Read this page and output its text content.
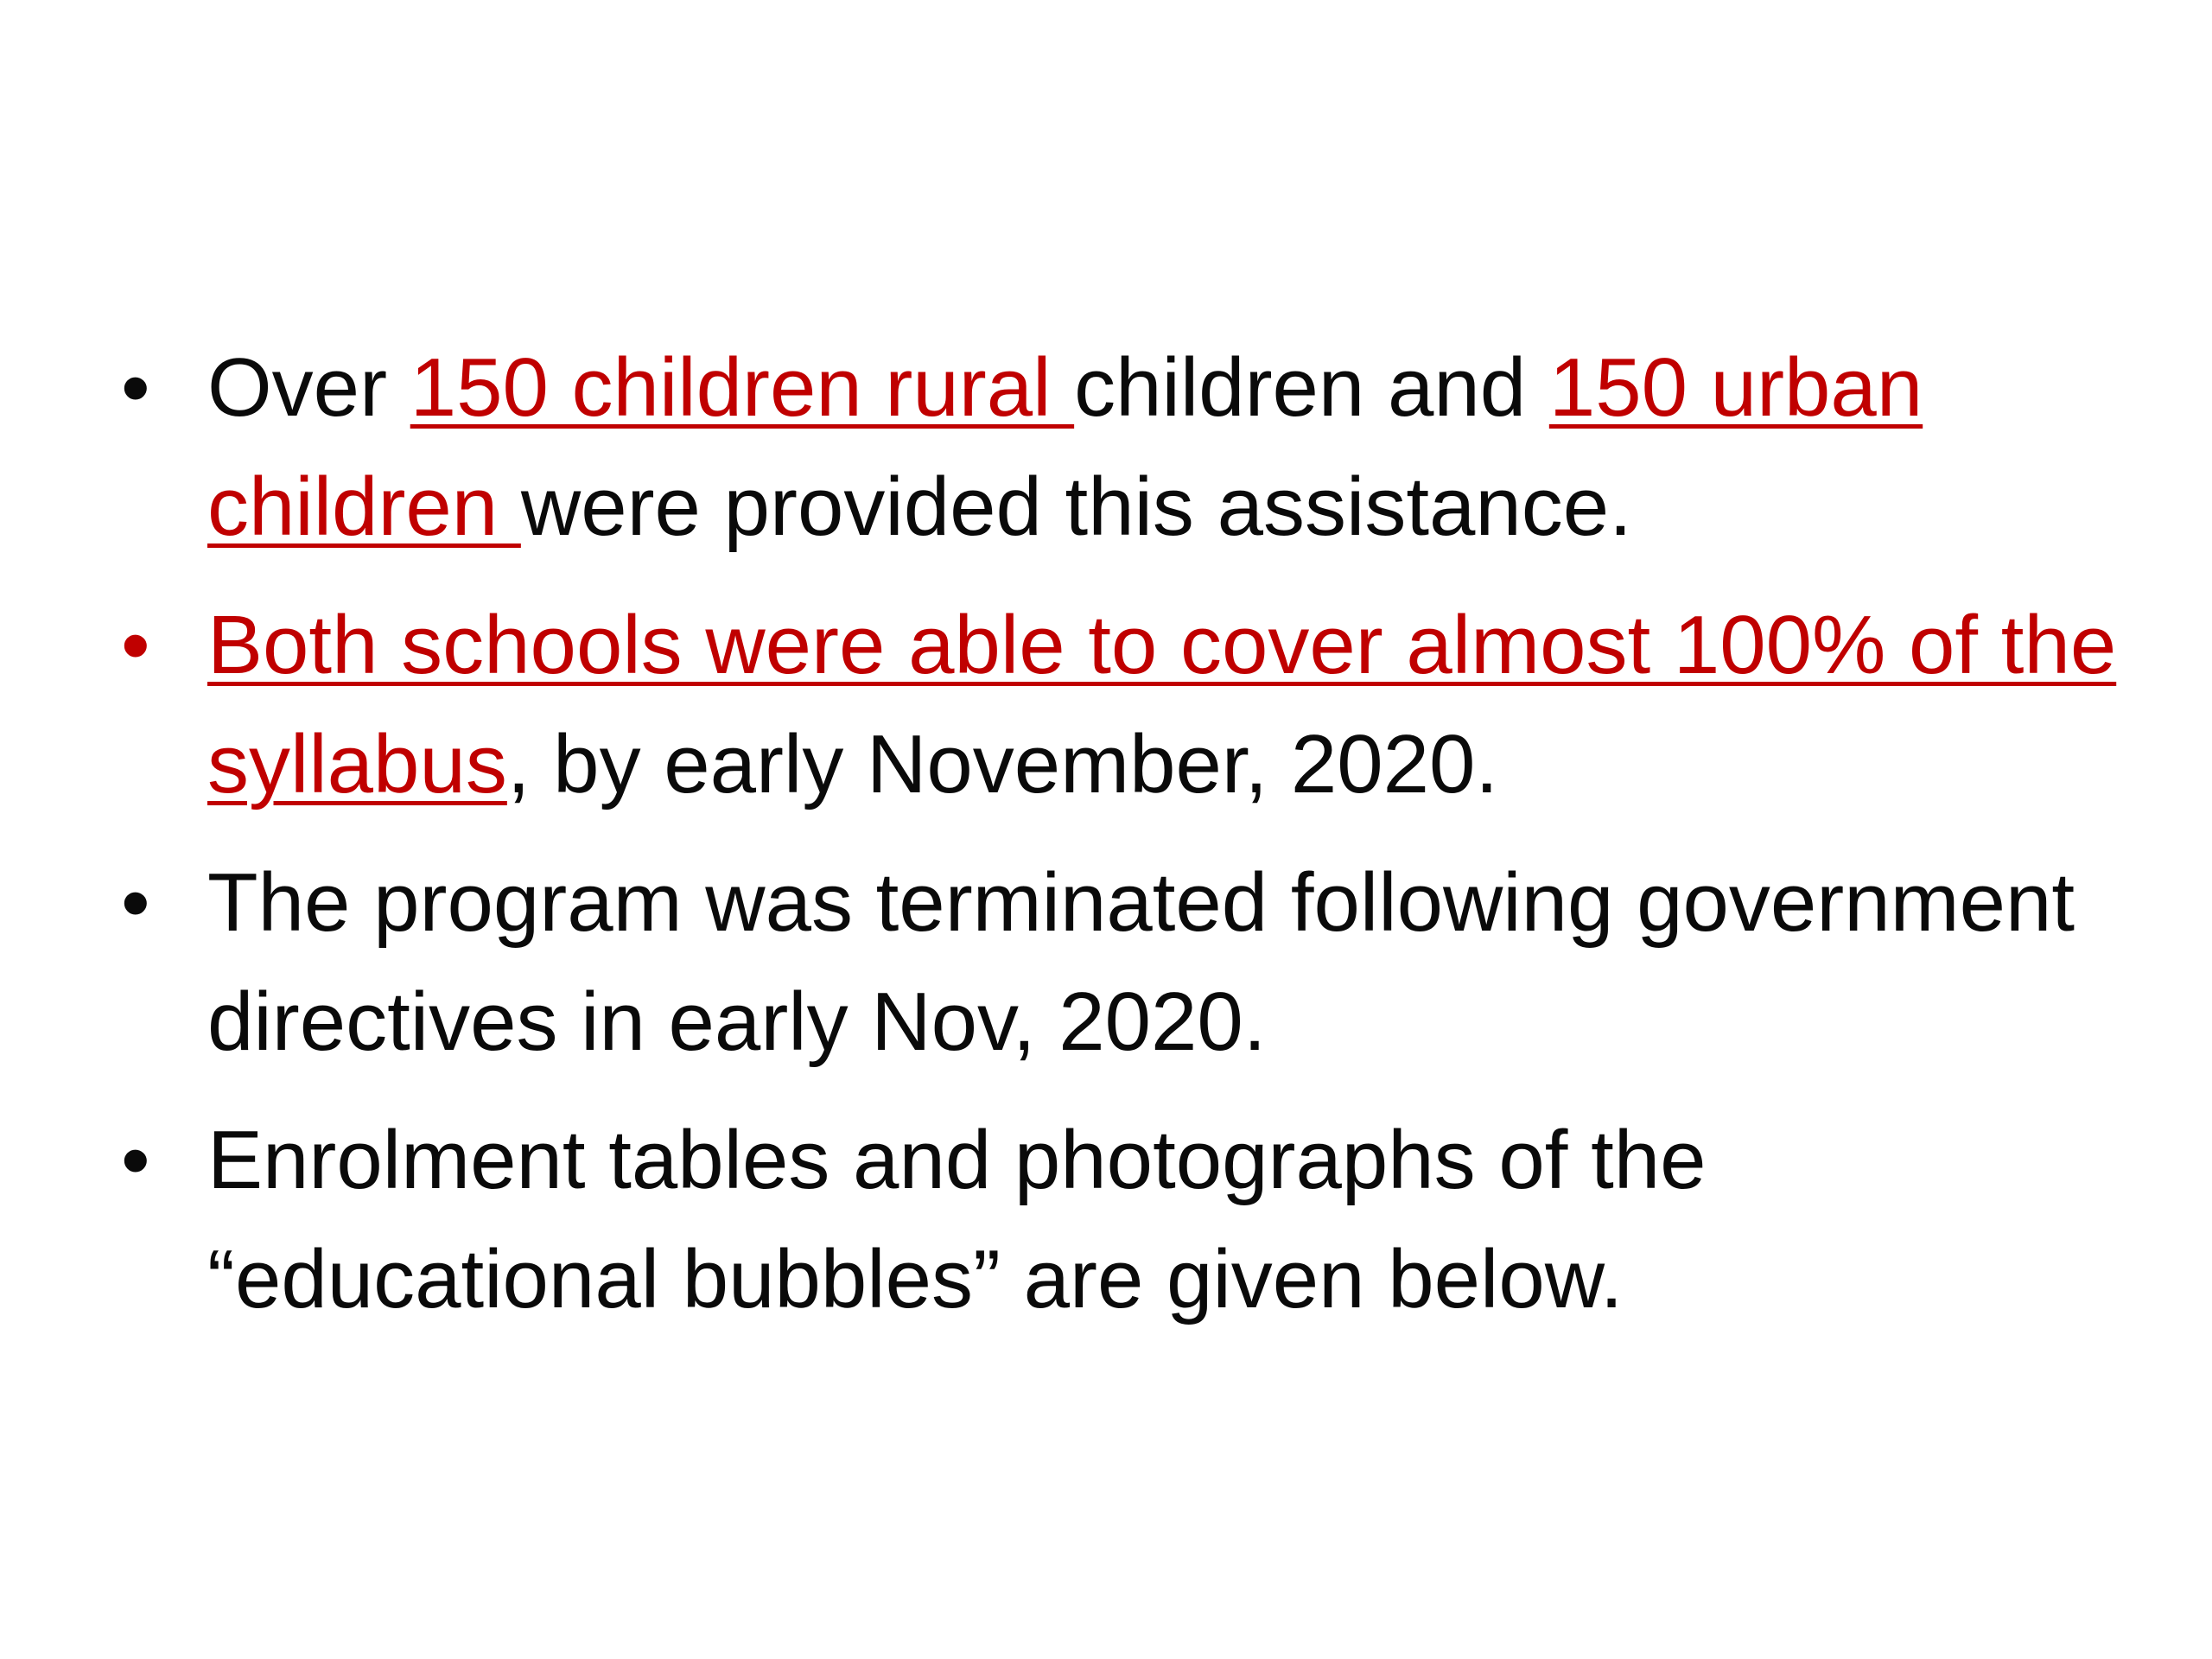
• Over 150 children rural children and 150 urban children were provided this assistance.
• Both schools were able to cover almost 100% of the syllabus, by early November, 2020.
• The program was terminated following government directives in early Nov, 2020.
• Enrolment tables and photographs of the “educational bubbles” are given below.
